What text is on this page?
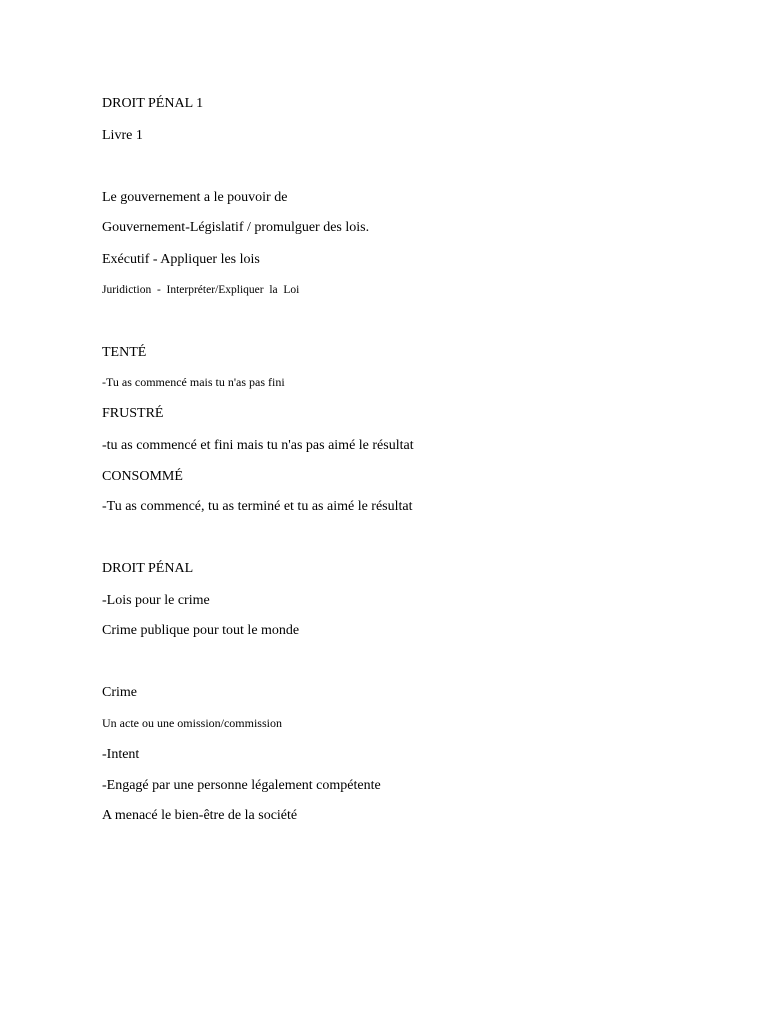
DROIT PÉNAL 1
Livre 1
Le gouvernement a le pouvoir de
Gouvernement-Législatif / promulguer des lois.
Exécutif - Appliquer les lois
Juridiction  -  Interpréter/Expliquer  la  Loi
TENTÉ
-Tu as commencé mais tu n'as pas fini
FRUSTRÉ
-tu as commencé et fini mais tu n'as pas aimé le résultat
CONSOMMÉ
-Tu as commencé, tu as terminé et tu as aimé le résultat
DROIT PÉNAL
-Lois pour le crime
Crime publique pour tout le monde
Crime
Un acte ou une omission/commission
-Intent
-Engagé par une personne légalement compétente
A menacé le bien-être de la société
